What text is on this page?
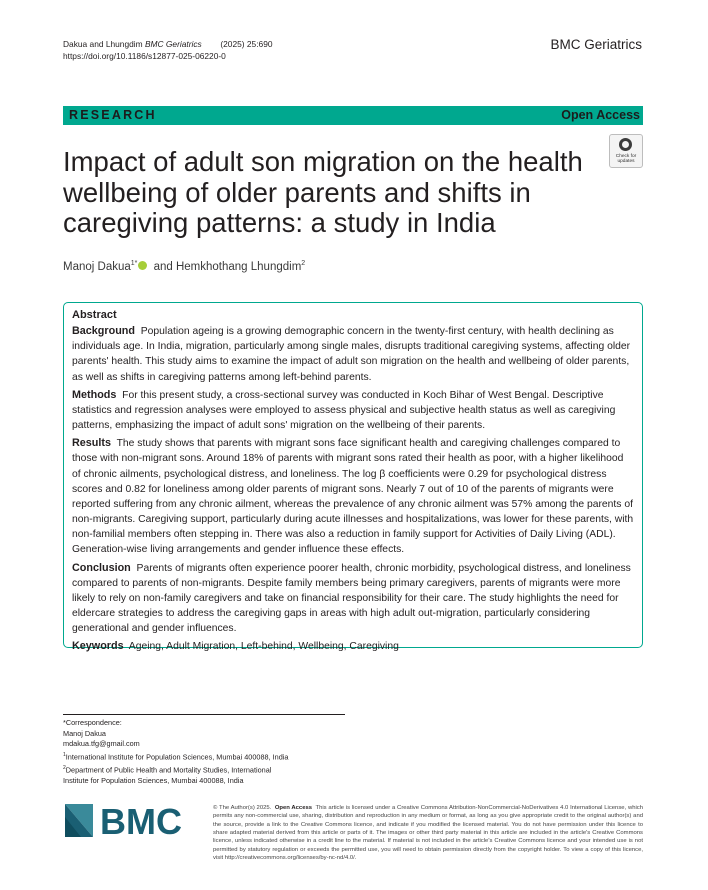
Dakua and Lhungdim BMC Geriatrics (2025) 25:690
https://doi.org/10.1186/s12877-025-06220-0
BMC Geriatrics
RESEARCH	Open Access
Check for
updates
Impact of adult son migration on the health wellbeing of older parents and shifts in caregiving patterns: a study in India
Manoj Dakua$^{1*}$ and Hemkhothang Lhungdim$^2$
Abstract

Background Population ageing is a growing demographic concern in the twenty-first century, with health declining as individuals age. In India, migration, particularly among single males, disrupts traditional caregiving systems, affecting older parents' health. This study aims to examine the impact of adult son migration on the health and wellbeing of older parents, as well as shifts in caregiving patterns among left-behind parents.

Methods For this present study, a cross-sectional survey was conducted in Koch Bihar of West Bengal. Descriptive statistics and regression analyses were employed to assess physical and subjective health status as well as caregiving patterns, emphasizing the impact of adult sons' migration on the wellbeing of their parents.

Results The study shows that parents with migrant sons face significant health and caregiving challenges compared to those with non-migrant sons. Around 18% of parents with migrant sons rated their health as poor, with a higher likelihood of chronic ailments, psychological distress, and loneliness. The log β coefficients were 0.29 for psychological distress scores and 0.82 for loneliness among older parents of migrant sons. Nearly 7 out of 10 of the parents of migrants were reported suffering from any chronic ailment, whereas the prevalence of any chronic ailment was 57% among the parents of non-migrants. Caregiving support, particularly during acute illnesses and hospitalizations, was lower for these parents, with non-familial members often stepping in. There was also a reduction in family support for Activities of Daily Living (ADL). Generation-wise living arrangements and gender influence these effects.

Conclusion Parents of migrants often experience poorer health, chronic morbidity, psychological distress, and loneliness compared to parents of non-migrants. Despite family members being primary caregivers, parents of migrants were more likely to rely on non-family caregivers and take on financial responsibility for their care. The study highlights the need for eldercare strategies to address the caregiving gaps in areas with high adult out-migration, particularly considering generational and gender influences.

Keywords Ageing, Adult Migration, Left-behind, Wellbeing, Caregiving

*Correspondence:
Manoj Dakua
mdakua.tfg@gmail.com
$^1$International Institute for Population Sciences, Mumbai 400088, India
$^2$Department of Public Health and Mortality Studies, International
Institute for Population Sciences, Mumbai 400088, India
BMC	© The Author(s) 2025. Open Access This article is licensed under a Creative Commons Attribution-NonCommercial-NoDerivatives 4.0 International License, which permits any non-commercial use, sharing, distribution and reproduction in any medium or format, as long as you give appropriate credit to the original author(s) and the source, provide a link to the Creative Commons licence, and indicate if you modified the licensed material. You do not have permission under this licence to share adapted material derived from this article or parts of it. The images or other third party material in this article are included in the article's Creative Commons licence, unless indicated otherwise in a credit line to the material. If material is not included in the article's Creative Commons licence and your intended use is not permitted by statutory regulation or exceeds the permitted use, you will need to obtain permission directly from the copyright holder. To view a copy of this licence, visit http://creativecommons.org/licenses/by-nc-nd/4.0/.
